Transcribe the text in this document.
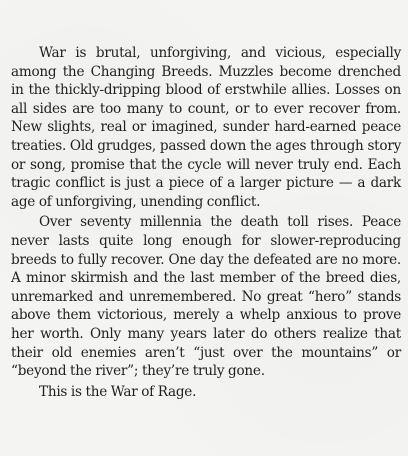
War is brutal, unforgiving, and vicious, especially among the Changing Breeds. Muzzles become drenched in the thickly-dripping blood of erstwhile allies. Losses on all sides are too many to count, or to ever recover from. New slights, real or imagined, sunder hard-earned peace treaties. Old grudges, passed down the ages through story or song, promise that the cycle will never truly end. Each tragic conflict is just a piece of a larger picture — a dark age of unforgiving, unending conflict.

Over seventy millennia the death toll rises. Peace never lasts quite long enough for slower-reproducing breeds to fully recover. One day the defeated are no more. A minor skirmish and the last member of the breed dies, unremarked and unremembered. No great “hero” stands above them victorious, merely a whelp anxious to prove her worth. Only many years later do others realize that their old enemies aren’t “just over the mountains” or “beyond the river”; they’re truly gone.

This is the War of Rage.
